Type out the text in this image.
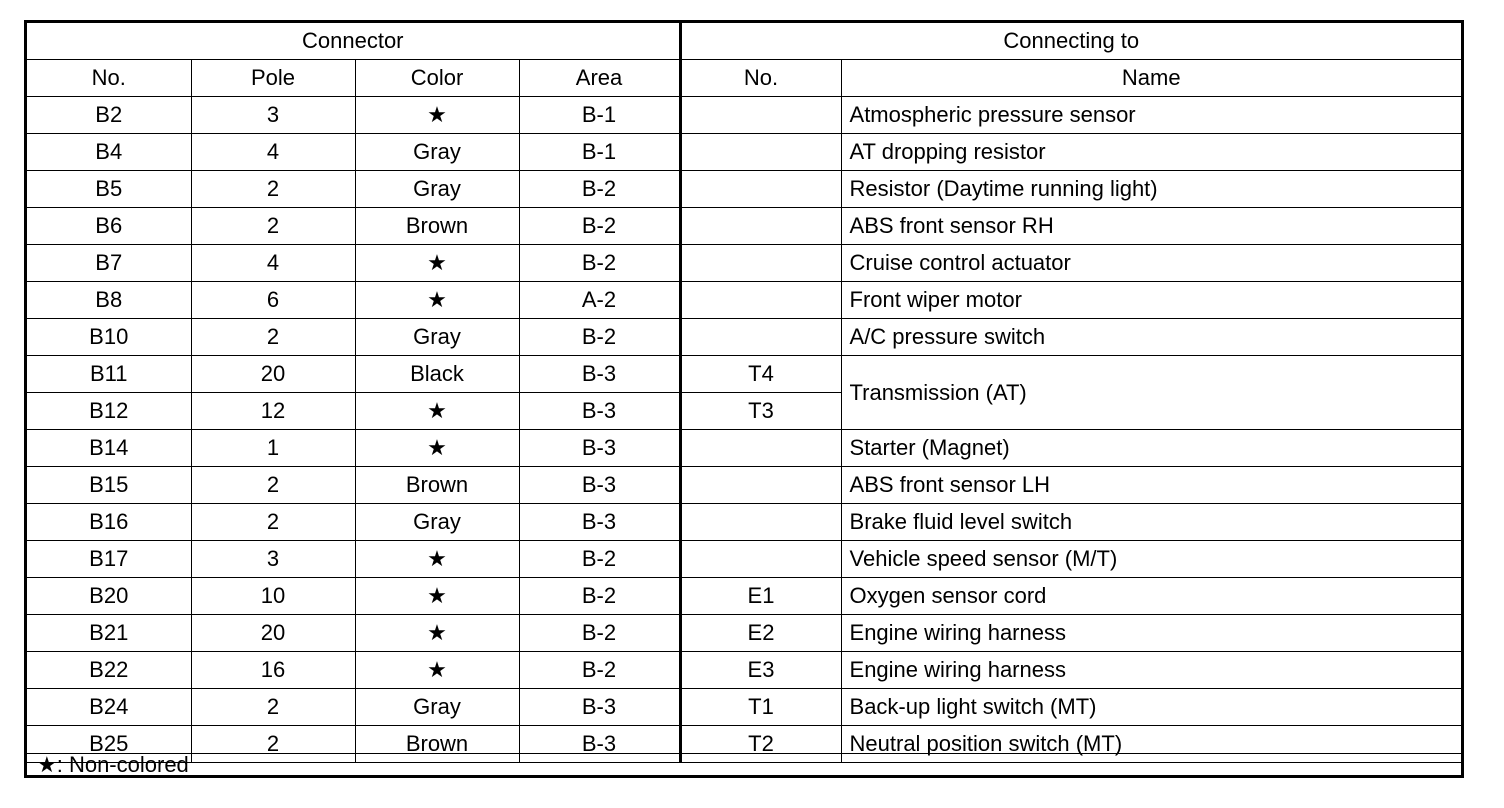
Connector				Connecting to	
No.	Pole	Color	Area	No.	Name
B2	3	★	B-1		Atmospheric pressure sensor
B4	4	Gray	B-1		AT dropping resistor
B5	2	Gray	B-2		Resistor (Daytime running light)
B6	2	Brown	B-2		ABS front sensor RH
B7	4	★	B-2		Cruise control actuator
B8	6	★	A-2		Front wiper motor
B10	2	Gray	B-2		A/C pressure switch
B11	20	Black	B-3	T4	Transmission (AT)
B12	12	★	B-3	T3	
B14	1	★	B-3		Starter (Magnet)
B15	2	Brown	B-3		ABS front sensor LH
B16	2	Gray	B-3		Brake fluid level switch
B17	3	★	B-2		Vehicle speed sensor (M/T)
B20	10	★	B-2	E1	Oxygen sensor cord
B21	20	★	B-2	E2	Engine wiring harness
B22	16	★	B-2	E3	Engine wiring harness
B24	2	Gray	B-3	T1	Back-up light switch (MT)
B25	2	Brown	B-3	T2	Neutral position switch (MT)
★: Non-colored
